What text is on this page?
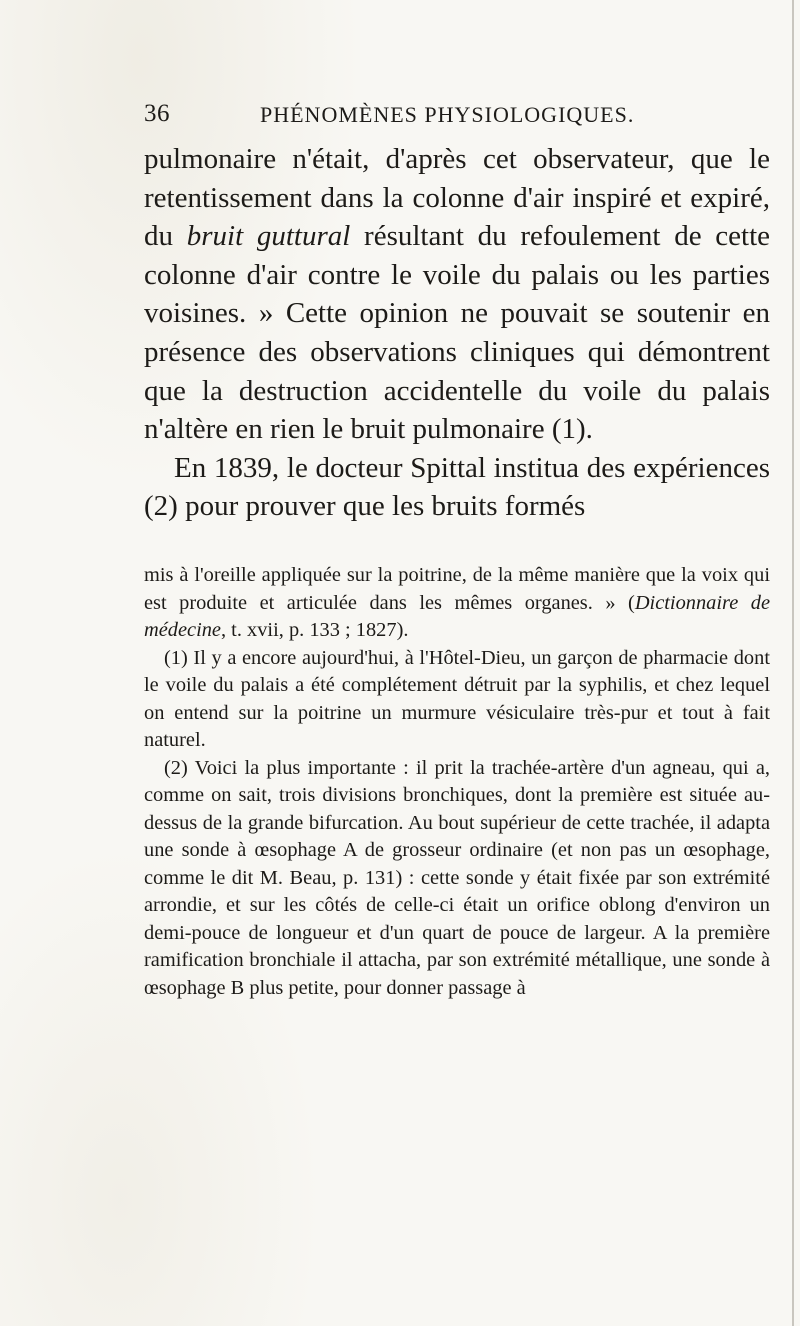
36	PHÉNOMÈNES PHYSIOLOGIQUES.

pulmonaire n'était, d'après cet observateur, que le retentissement dans la colonne d'air inspiré et expiré, du bruit guttural résultant du refoulement de cette colonne d'air contre le voile du palais ou les parties voisines. » Cette opinion ne pouvait se soutenir en présence des observations cliniques qui démontrent que la destruction accidentelle du voile du palais n'altère en rien le bruit pulmonaire (1).

En 1839, le docteur Spittal institua des expériences (2) pour prouver que les bruits formés

mis à l'oreille appliquée sur la poitrine, de la même manière que la voix qui est produite et articulée dans les mêmes organes. » (Dictionnaire de médecine, t. xvii, p. 133 ; 1827).

(1) Il y a encore aujourd'hui, à l'Hôtel-Dieu, un garçon de pharmacie dont le voile du palais a été complétement détruit par la syphilis, et chez lequel on entend sur la poitrine un murmure vésiculaire très-pur et tout à fait naturel.

(2) Voici la plus importante : il prit la trachée-artère d'un agneau, qui a, comme on sait, trois divisions bronchiques, dont la première est située au-dessus de la grande bifurcation. Au bout supérieur de cette trachée, il adapta une sonde à œsophage A de grosseur ordinaire (et non pas un œsophage, comme le dit M. Beau, p. 131) : cette sonde y était fixée par son extrémité arrondie, et sur les côtés de celle-ci était un orifice oblong d'environ un demi-pouce de longueur et d'un quart de pouce de largeur. A la première ramification bronchiale il attacha, par son extrémité métallique, une sonde à œsophage B plus petite, pour donner passage à
